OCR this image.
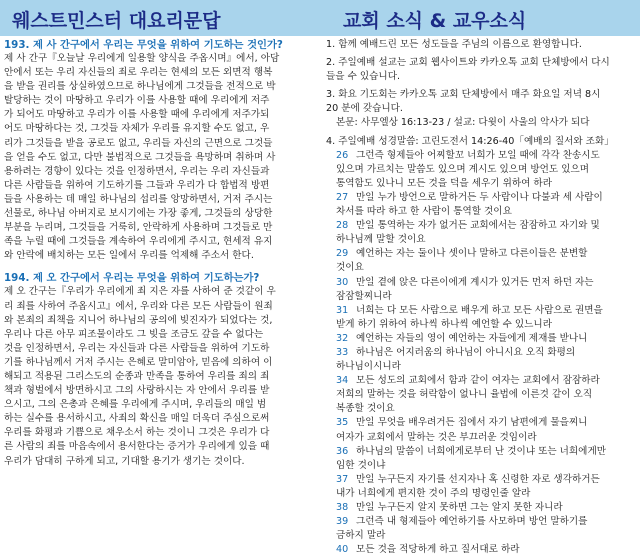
웨스트민스터 대요리문답	교회 소식 & 교우소식
193. 제 사 간구에서 우리는 무엇을 위하여 기도하는 것인가?

제 사 간구『오늘날 우리에게 일용할 양식을 주옵시며』에서, 아담
안에서 또는 우리 자신들의 죄로 우리는 현세의 모든 외면적 행복
을 받을 권리를 상실하였으므로 하나님에게 그것들을 전적으로 박
탈당하는 것이 마땅하고 우리가 이를 사용할 때에 우리에게 저주
가 되어도 마땅하고 우리가 이를 사용할 때에 우리에게 저주가되
어도 마땅하다는 것, 그것들 자체가 우리를 유지할 수도 없고, 우
리가 그것들을 받을 공로도 없고, 우리들 자신의 근면으로 그것들
을 얻을 수도 없고, 다만 불법적으로 그것들을 욕망하며 취하며 사
용하려는 경향이 있다는 것을 인정하면서, 우리는 우리 자신들과
다른 사람들을 위하여 기도하기를 그들과 우리가 다 합법적 방편
들을 사용하는 데 매일 하나님의 섭리를 앙망하면서, 거저 주시는
선물로, 하나님 아버지로 보시기에는 가장 좋게, 그것들의 상당한
부분을 누리며, 그것들을 거룩히, 안락하게 사용하며 그것들로 만
족을 누릴 때에 그것들을 계속하여 우리에게 주시고, 현세적 유지
와 안락에 배치하는 모든 일에서 우리를 억제해 주소서 한다.

194. 제 오 간구에서 우리는 무엇을 위하여 기도하는가?

제 오 간구는『우리가 우리에게 죄 지은 자를 사하여 준 것같이 우
리 죄를 사하여 주옵시고』에서, 우리와 다른 모든 사람들이 원죄
와 본죄의 죄책을 지니어 하나님의 공의에 빚진자가 되었다는 것,
우리나 다른 아무 피조물이라도 그 빚을 조금도 갚을 수 없다는
것을 인정하면서, 우리는 자신들과 다른 사람들을 위하여 기도하
기를 하나님께서 거저 주시는 은혜로 말미암아, 믿음에 의하여 이
해되고 적용된 그리스도의 순종과 만족을 통하여 우리를 죄의 죄
책과 형벌에서 방면하시고 그의 사랑하시는 자 안에서 우리를 받
으시고, 그의 은총과 은혜를 우리에게 주시며, 우리들의 매일 범
하는 실수를 용서하시고, 사죄의 확신을 매일 더욱더 주심으로써
우리를 화평과 기쁨으로 채우소서 하는 것이니 그것은 우리가 다
른 사람의 죄를 마음속에서 용서한다는 증거가 우리에게 있을 때
우리가 담대히 구하게 되고, 기대할 용기가 생기는 것이다.

1. 함께 예배드린 모든 성도들을 주님의 이름으로 환영합니다.

2. 주일예배 설교는 교회 웹사이트와 카카오톡 교회 단체방에서 다시
들을 수 있습니다.

3. 화요 기도회는 카카오톡 교회 단체방에서 매주 화요일 저녁 8시
20 분에 갖습니다.

본문: 사무엘상 16:13-23 / 설교: 다윗이 사울의 악사가 되다

4. 주일예배 성경말씀: 고린도전서 14:26-40「예배의 질서와 조화」

26 그런즉 형제들아 어찌할꼬 너희가 모일 때에 각각 찬송시도
있으며 가르치는 말씀도 있으며 계시도 있으며 방언도 있으며
통역함도 있나니 모든 것을 덕을 세우기 위하여 하라
27 만일 누가 방언으로 말하거든 두 사람이나 다불과 세 사람이
차서를 따라 하고 한 사람이 통역할 것이요
28 만일 통역하는 자가 없거든 교회에서는 잠잠하고 자기와 및
하나님께 말할 것이요
29 예언하는 자는 둘이나 셋이나 말하고 다른이들은 분변할
것이요
30 만일 곁에 앉은 다른이에게 계시가 있거든 먼저 하던 자는
잠잠할찌니라
31 너희는 다 모든 사람으로 배우게 하고 모든 사람으로 권면을
받게 하기 위하여 하나씩 하나씩 예언할 수 있느니라
32 예언하는 자들의 영이 예언하는 자들에게 제재를 받나니
33 하나님은 어지러움의 하나님이 아니시요 오직 화평의
하나님이시니라
34 모든 성도의 교회에서 함과 같이 여자는 교회에서 잠잠하라
저희의 말하는 것을 허락함이 없나니 율법에 이른것 같이 오직
복종할 것이요
35 만일 무엇을 배우려거든 집에서 자기 남편에게 물을찌니
여자가 교회에서 말하는 것은 부끄러운 것임이라
36 하나님의 말씀이 너희에게로부터 난 것이냐 또는 너희에게만
임한 것이냐
37 만일 누구든지 자기를 선지자나 혹 신령한 자로 생각하거든
내가 너희에게 편지한 것이 주의 명령인줄 알라
38 만일 누구든지 알지 못하면 그는 알지 못한 자니라
39 그런즉 내 형제들아 예언하기를 사모하며 방언 말하기를
금하지 말라
40 모든 것을 적당하게 하고 질서대로 하라
